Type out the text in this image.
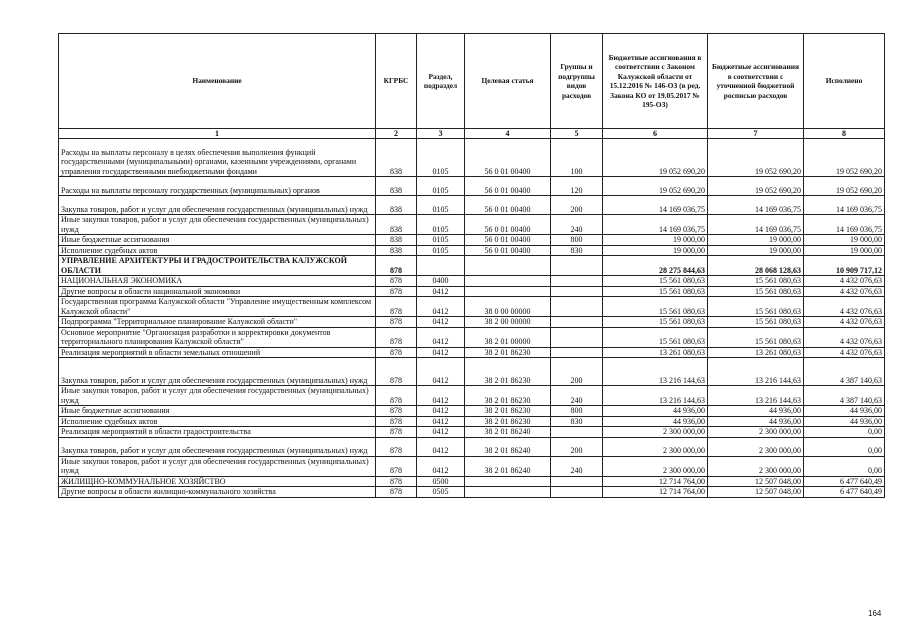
Наименование	КГРБС	Раздел, подраздел	Целевая статья	Группы и подгруппы видов расходов	Бюджетные ассигнования в соответствии с Законом Калужской области от 15.12.2016 № 146-ОЗ (в ред. Закона КО от 19.05.2017 № 195-ОЗ)	Бюджетные ассигнования в соответствии с уточненной бюджетной росписью расходов	Исполнено
1	2	3	4	5	6	7	8
Расходы на выплаты персоналу в целях обеспечения выполнения функций государственными (муниципальными) органами, казенными учреждениями, органами управления государственными внебюджетными фондами	838	0105	56 0 01 00400	100	19 052 690,20	19 052 690,20	19 052 690,20
Расходы на выплаты персоналу государственных (муниципальных) органов	838	0105	56 0 01 00400	120	19 052 690,20	19 052 690,20	19 052 690,20
Закупка товаров, работ и услуг для обеспечения государственных (муниципальных) нужд	838	0105	56 0 01 00400	200	14 169 036,75	14 169 036,75	14 169 036,75
Иные закупки товаров, работ и услуг для обеспечения государственных (муниципальных) нужд	838	0105	56 0 01 00400	240	14 169 036,75	14 169 036,75	14 169 036,75
Иные бюджетные ассигнования	838	0105	56 0 01 00400	800	19 000,00	19 000,00	19 000,00
Исполнение судебных актов	838	0105	56 0 01 00400	830	19 000,00	19 000,00	19 000,00
УПРАВЛЕНИЕ АРХИТЕКТУРЫ И ГРАДОСТРОИТЕЛЬСТВА КАЛУЖСКОЙ ОБЛАСТИ	878				28 275 844,63	28 068 128,63	10 909 717,12
НАЦИОНАЛЬНАЯ ЭКОНОМИКА	878	0400			15 561 080,63	15 561 080,63	4 432 076,63
Другие вопросы в области национальной экономики	878	0412			15 561 080,63	15 561 080,63	4 432 076,63
Государственная программа Калужской области "Управление имущественным комплексом Калужской области"	878	0412	38 0 00 00000		15 561 080,63	15 561 080,63	4 432 076,63
Подпрограмма "Территориальное планирование Калужской области"	878	0412	38 2 00 00000		15 561 080,63	15 561 080,63	4 432 076,63
Основное мероприятие "Организация разработки и корректировки документов территориального планирования Калужской области"	878	0412	38 2 01 00000		15 561 080,63	15 561 080,63	4 432 076,63
Реализация мероприятий в области земельных отношений	878	0412	38 2 01 86230		13 261 080,63	13 261 080,63	4 432 076,63
Закупка товаров, работ и услуг для обеспечения государственных (муниципальных) нужд	878	0412	38 2 01 86230	200	13 216 144,63	13 216 144,63	4 387 140,63
Иные закупки товаров, работ и услуг для обеспечения государственных (муниципальных) нужд	878	0412	38 2 01 86230	240	13 216 144,63	13 216 144,63	4 387 140,63
Иные бюджетные ассигнования	878	0412	38 2 01 86230	800	44 936,00	44 936,00	44 936,00
Исполнение судебных актов	878	0412	38 2 01 86230	830	44 936,00	44 936,00	44 936,00
Реализация мероприятий в области градостроительства	878	0412	38 2 01 86240		2 300 000,00	2 300 000,00	0,00
Закупка товаров, работ и услуг для обеспечения государственных (муниципальных) нужд	878	0412	38 2 01 86240	200	2 300 000,00	2 300 000,00	0,00
Иные закупки товаров, работ и услуг для обеспечения государственных (муниципальных) нужд	878	0412	38 2 01 86240	240	2 300 000,00	2 300 000,00	0,00
ЖИЛИЩНО-КОММУНАЛЬНОЕ ХОЗЯЙСТВО	878	0500			12 714 764,00	12 507 048,00	6 477 640,49
Другие вопросы в области жилищно-коммунального хозяйства	878	0505			12 714 764,00	12 507 048,00	6 477 640,49
164
